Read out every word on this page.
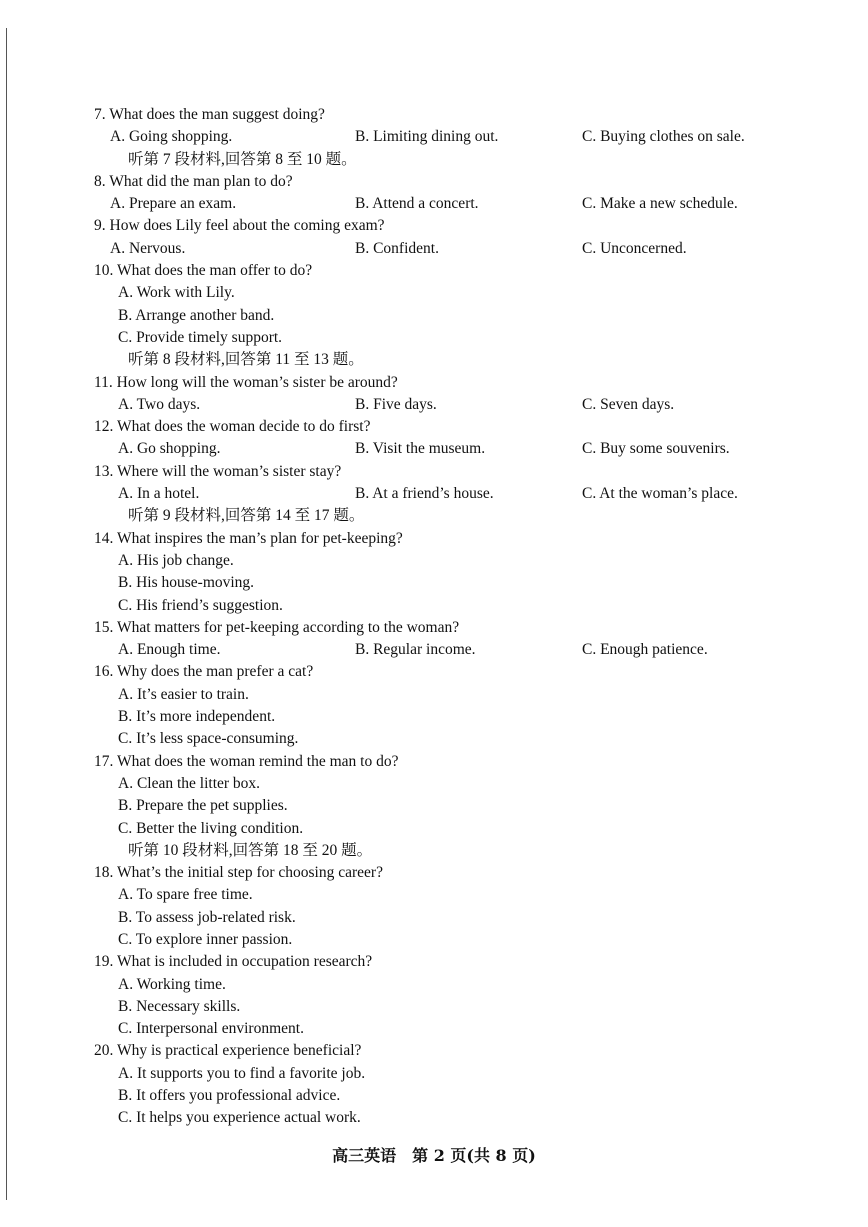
7. What does the man suggest doing?
A. Going shopping.	B. Limiting dining out.	C. Buying clothes on sale.
听第 7 段材料,回答第 8 至 10 题。
8. What did the man plan to do?
A. Prepare an exam.	B. Attend a concert.	C. Make a new schedule.
9. How does Lily feel about the coming exam?
A. Nervous.	B. Confident.	C. Unconcerned.
10. What does the man offer to do?
A. Work with Lily.
B. Arrange another band.
C. Provide timely support.
听第 8 段材料,回答第 11 至 13 题。
11. How long will the woman’s sister be around?
A. Two days.	B. Five days.	C. Seven days.
12. What does the woman decide to do first?
A. Go shopping.	B. Visit the museum.	C. Buy some souvenirs.
13. Where will the woman’s sister stay?
A. In a hotel.	B. At a friend’s house.	C. At the woman’s place.
听第 9 段材料,回答第 14 至 17 题。
14. What inspires the man’s plan for pet-keeping?
A. His job change.
B. His house-moving.
C. His friend’s suggestion.
15. What matters for pet-keeping according to the woman?
A. Enough time.	B. Regular income.	C. Enough patience.
16. Why does the man prefer a cat?
A. It’s easier to train.
B. It’s more independent.
C. It’s less space-consuming.
17. What does the woman remind the man to do?
A. Clean the litter box.
B. Prepare the pet supplies.
C. Better the living condition.
听第 10 段材料,回答第 18 至 20 题。
18. What’s the initial step for choosing career?
A. To spare free time.
B. To assess job-related risk.
C. To explore inner passion.
19. What is included in occupation research?
A. Working time.
B. Necessary skills.
C. Interpersonal environment.
20. Why is practical experience beneficial?
A. It supports you to find a favorite job.
B. It offers you professional advice.
C. It helps you experience actual work.
高三英语　第 2 页(共 8 页)
